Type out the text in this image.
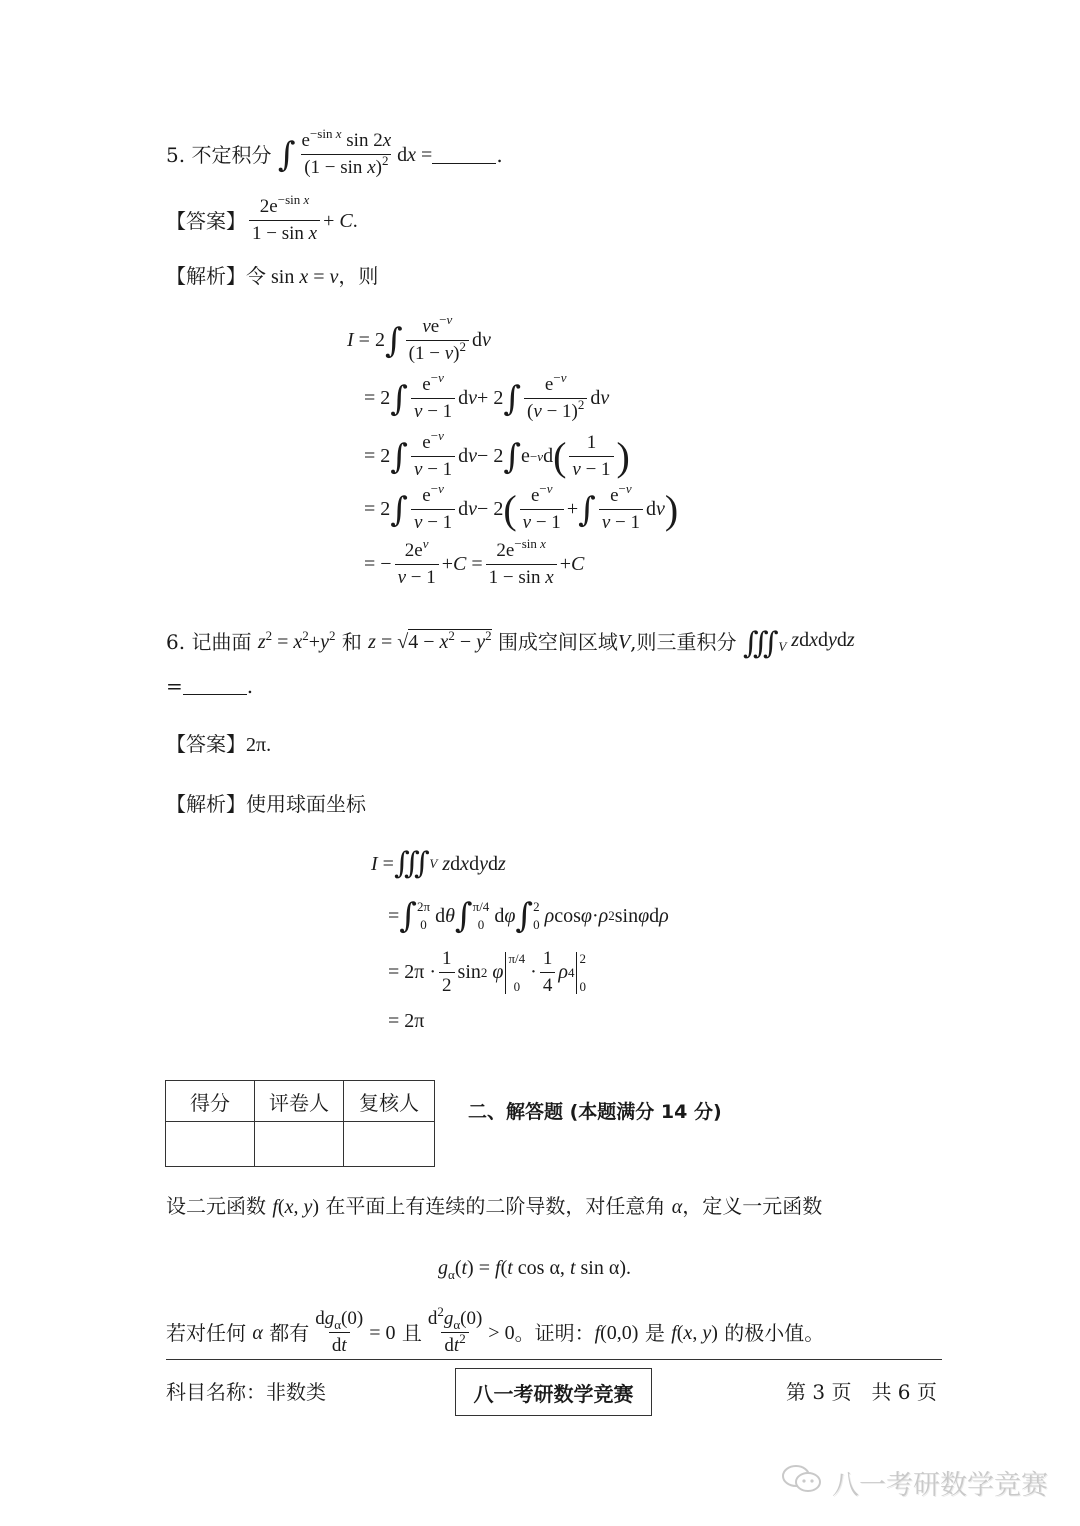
5.
不定积分
∫ $\frac{e^{-sin x} \sin 2x}{(1 - \sin x)^2}$ dx =	.
【答案】 $\frac{2e^{-sin x}}{\text{1 − sin x}} + C$.
【解析】令 sin x = v，则
I = 2 ∫ $\frac{ve^{-v}}{(1 - v)^2}$ d v
= 2 ∫ $\frac{e^{-v}}{v - 1}$ d v + 2 ∫ $\frac{e^{-v}}{(v - 1)^2}$ d v
= 2 ∫ $\frac{e^{-v}}{v - 1}$ d v − 2 ∫ e −v d ( $\frac{1}{v - 1}$ )
= 2 ∫ $\frac{e^{-v}}{v - 1}$ d v − 2 ( $\frac{e^{-v}}{v - 1}$ + ∫ $\frac{e^{-v}}{v - 1}$ d v )
= − $\frac{2e^v}{v - 1} + C = \frac{2e^{-sin x}}{\text{1 − sin x}} + C$
6.
记曲面
$z^2 = x^2+y^2$
和
$z = √4 - x^2 - y^2$
围成空间区域 V ,则三重积分
$∭_V$ zdxdydz
=	.
【答案】2π.
【解析】使用球面坐标
I = ∭ V
z d x d y d z
= ∫ 2π
0 d θ ∫ π/4
0 d φ ∫ 2
0
ρ cos φ · ρ 2 sin φ d ρ
= $2\pi \cdot \frac{1}{2}$ sin 2
φ
π/4
0
· $\frac{1}{4}$ ρ 4
2
0
= 2π
得分	评卷人	复核人
			二、解答题 (本题满分 14 分)
设二元函数 f(x, y) 在平面上有连续的二阶导数，对任意角 α，定义一元函数
$g_\alpha(t) = f(t$ cos α, t sin α).
若对任何
α
都有 $\frac{dg_\alpha(0)}{dt} = 0$
且 $\frac{d^2g_\alpha(0)}{dt^2} > 0$ 。证明： f(0,0)
是
f(x, y)
的极小值。
科目名称：非数类	八一考研数学竞赛	第 3 页　共 6 页
八一考研数学竞赛
